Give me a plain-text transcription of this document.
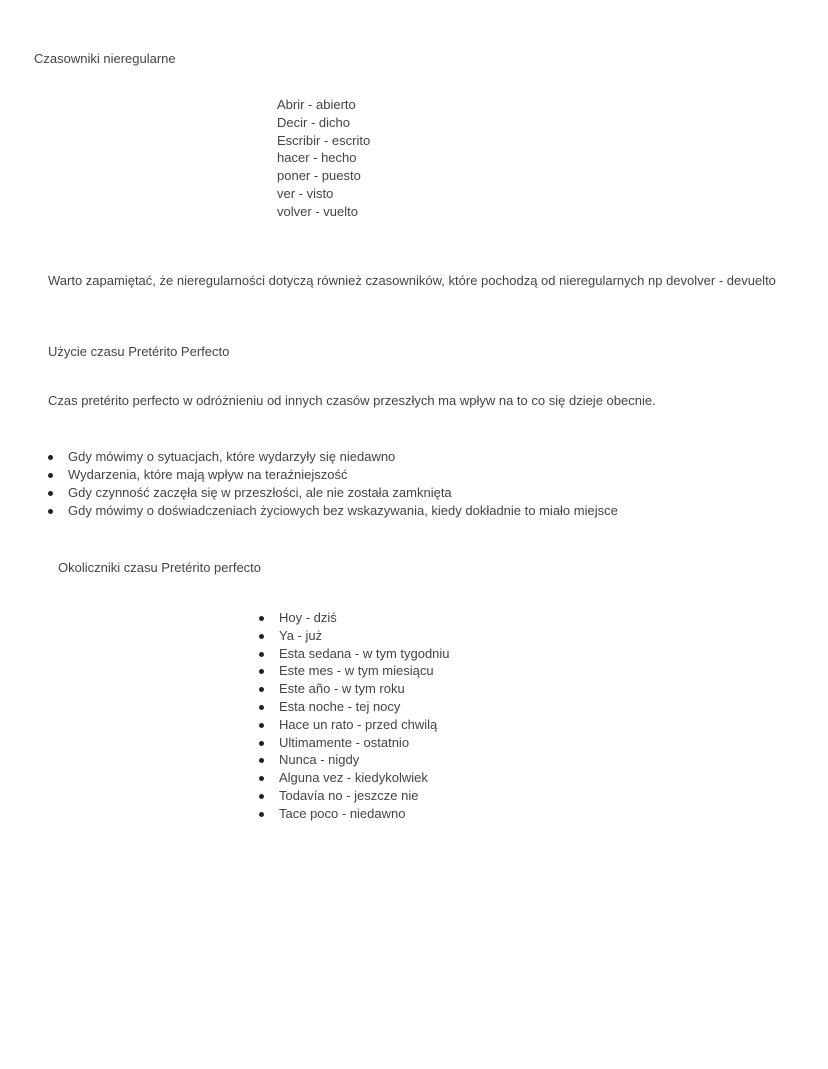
Czasowniki nieregularne
Abrir - abierto
Decir - dicho
Escribir - escrito
hacer - hecho
poner - puesto
ver - visto
volver - vuelto
Warto zapamiętać, że nieregularności dotyczą również czasowników, które pochodzą od nieregularnych np devolver - devuelto
Użycie czasu Pretérito Perfecto
Czas pretérito perfecto w odróżnieniu od innych czasów przeszłych ma wpływ na to co się dzieje obecnie.
Gdy mówimy o sytuacjach, które wydarzyły się niedawno
Wydarzenia, które mają wpływ na teraźniejszość
Gdy czynność zaczęła się w przeszłości, ale nie została zamknięta
Gdy mówimy o doświadczeniach życiowych bez wskazywania, kiedy dokładnie to miało miejsce
Okoliczniki czasu Pretérito perfecto
Hoy - dziś
Ya - już
Esta sedana - w tym tygodniu
Este mes - w tym miesiącu
Este año - w tym roku
Esta noche - tej nocy
Hace un rato - przed chwilą
Ultimamente - ostatnio
Nunca - nigdy
Alguna vez - kiedykolwiek
Todavía no - jeszcze nie
Tace poco - niedawno
